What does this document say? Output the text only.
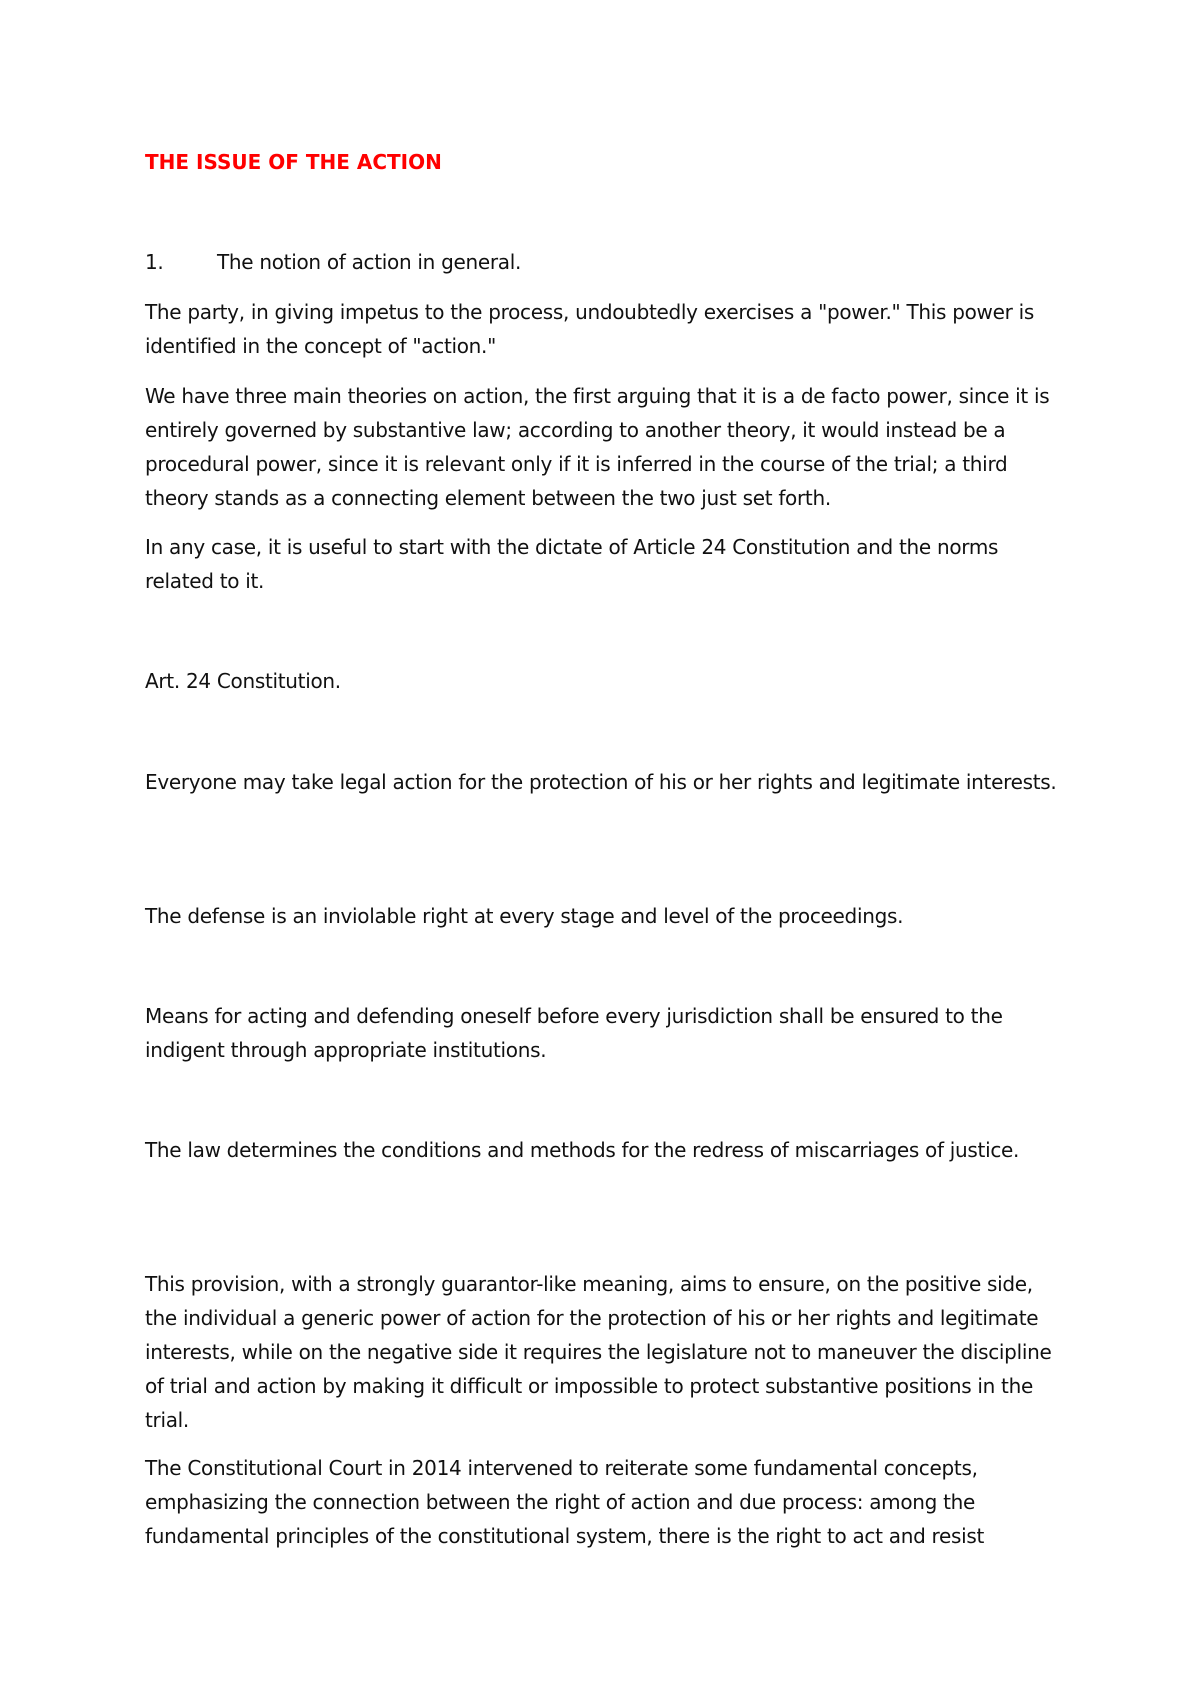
THE ISSUE OF THE ACTION
1.	The notion of action in general.

The party, in giving impetus to the process, undoubtedly exercises a "power." This power is identified in the concept of "action."

We have three main theories on action, the first arguing that it is a de facto power, since it is entirely governed by substantive law; according to another theory, it would instead be a procedural power, since it is relevant only if it is inferred in the course of the trial; a third theory stands as a connecting element between the two just set forth.

In any case, it is useful to start with the dictate of Article 24 Constitution and the norms related to it.

Art. 24 Constitution.

Everyone may take legal action for the protection of his or her rights and legitimate interests.

The defense is an inviolable right at every stage and level of the proceedings.

Means for acting and defending oneself before every jurisdiction shall be ensured to the indigent through appropriate institutions.

The law determines the conditions and methods for the redress of miscarriages of justice.

This provision, with a strongly guarantor-like meaning, aims to ensure, on the positive side, the individual a generic power of action for the protection of his or her rights and legitimate interests, while on the negative side it requires the legislature not to maneuver the discipline of trial and action by making it difficult or impossible to protect substantive positions in the trial.

The Constitutional Court in 2014 intervened to reiterate some fundamental concepts, emphasizing the connection between the right of action and due process: among the fundamental principles of the constitutional system, there is the right to act and resist
